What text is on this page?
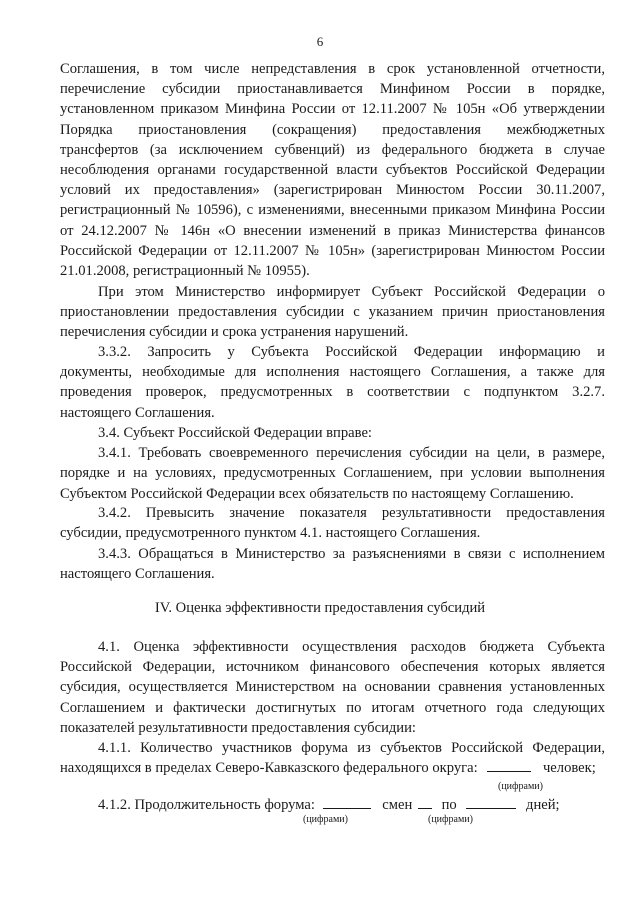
6
Соглашения, в том числе непредставления в срок установленной отчетности,
перечисление субсидии приостанавливается Минфином России в порядке,
установленном приказом Минфина России от 12.11.2007 № 105н «Об утверждении
Порядка приостановления (сокращения) предоставления межбюджетных
трансфертов (за исключением субвенций) из федерального бюджета в случае
несоблюдения органами государственной власти субъектов Российской Федерации
условий их предоставления» (зарегистрирован Минюстом России 30.11.2007,
регистрационный № 10596), с изменениями, внесенными приказом Минфина России
от 24.12.2007 № 146н «О внесении изменений в приказ Министерства финансов
Российской Федерации от 12.11.2007 № 105н» (зарегистрирован Минюстом России
21.01.2008, регистрационный № 10955).
При этом Министерство информирует Субъект Российской Федерации о
приостановлении предоставления субсидии с указанием причин приостановления
перечисления субсидии и срока устранения нарушений.
3.3.2. Запросить у Субъекта Российской Федерации информацию и
документы, необходимые для исполнения настоящего Соглашения, а также для
проведения проверок, предусмотренных в соответствии с подпунктом 3.2.7.
настоящего Соглашения.
3.4. Субъект Российской Федерации вправе:
3.4.1. Требовать своевременного перечисления субсидии на цели, в размере,
порядке и на условиях, предусмотренных Соглашением, при условии выполнения
Субъектом Российской Федерации всех обязательств по настоящему Соглашению.
3.4.2. Превысить значение показателя результативности предоставления
субсидии, предусмотренного пунктом 4.1. настоящего Соглашения.
3.4.3. Обращаться в Министерство за разъяснениями в связи с исполнением
настоящего Соглашения.
IV. Оценка эффективности предоставления субсидий
4.1. Оценка эффективности осуществления расходов бюджета Субъекта
Российской Федерации, источником финансового обеспечения которых является
субсидия, осуществляется Министерством на основании сравнения установленных
Соглашением и фактически достигнутых по итогам отчетного года следующих
показателей результативности предоставления субсидии:
4.1.1. Количество участников форума из субъектов Российской Федерации,
находящихся в пределах Северо-Кавказского федерального округа:	человек;
(цифрами)
4.1.2. Продолжительность форума:	смен по	дней;
(цифрами)	(цифрами)
